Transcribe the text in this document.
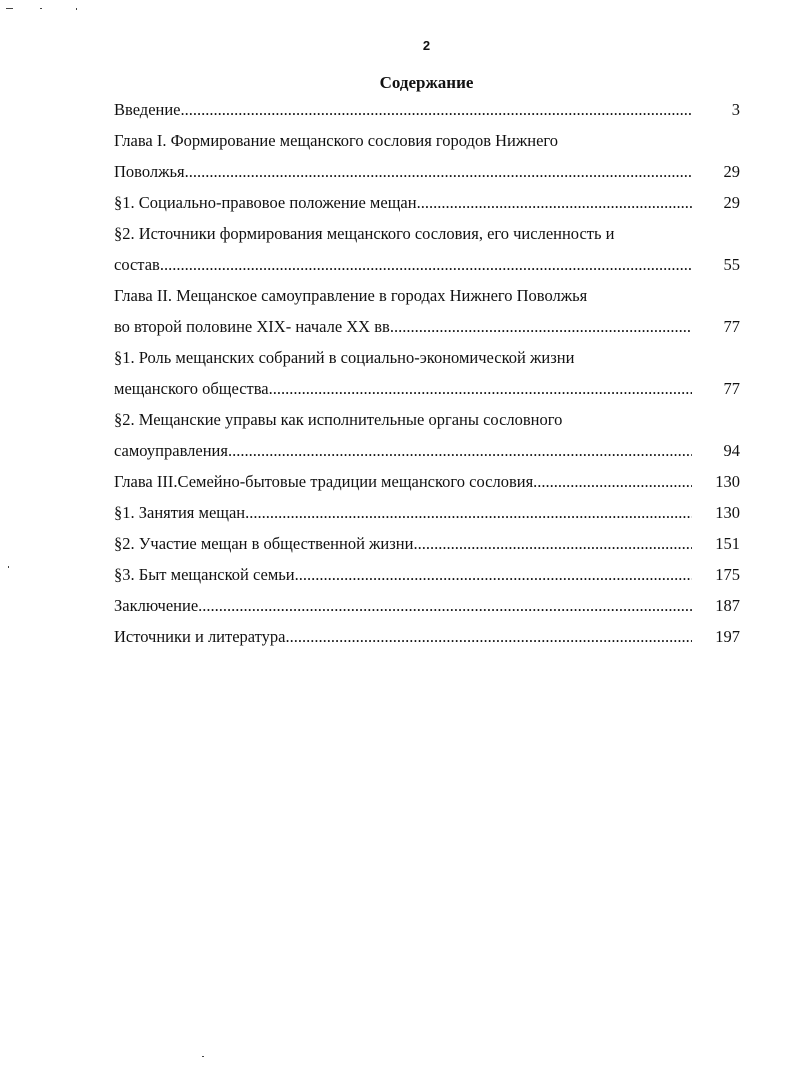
2
Содержание
Введение .....	3
Глава I. Формирование мещанского сословия городов Нижнего
Поволжья .....	29
§1. Социально-правовое положение мещан .....	29
§2. Источники формирования мещанского сословия, его численность и
состав .....	55
Глава II. Мещанское самоуправление в городах Нижнего Поволжья
во второй половине XIX- начале XX вв .....	77
§1. Роль мещанских собраний в социально-экономической жизни
мещанского общества .....	77
§2. Мещанские управы как исполнительные органы сословного
самоуправления .....	94
Глава III.Семейно-бытовые традиции мещанского сословия .....	130
§1. Занятия мещан .....	130
§2. Участие мещан в общественной жизни .....	151
§3. Быт мещанской семьи .....	175
Заключение .....	187
Источники и литература .....	197
